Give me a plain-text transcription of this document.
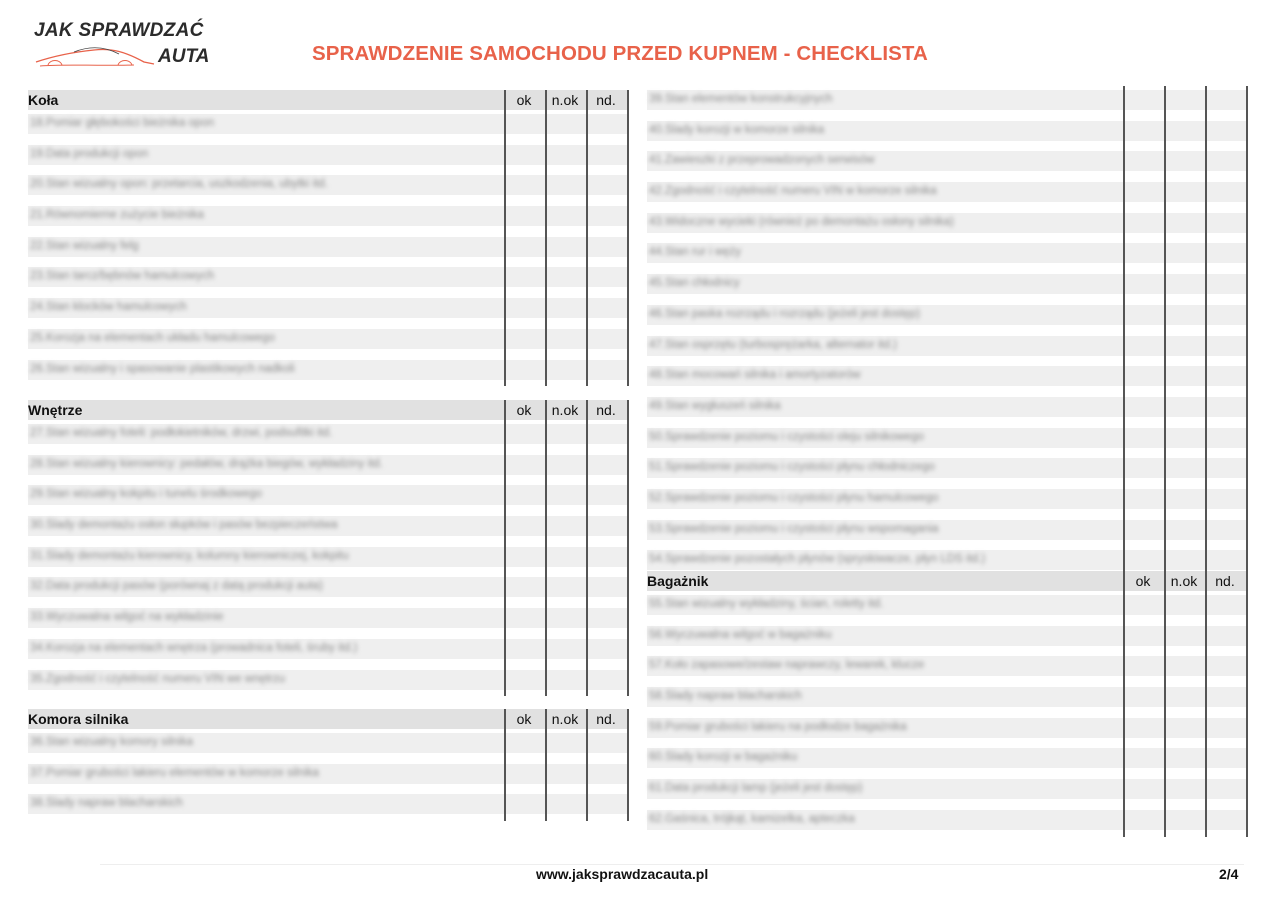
JAK SPRAWDZAĆ
AUTA	SPRAWDZENIE SAMOCHODU PRZED KUPNEM - CHECKLISTA
Koła	ok	n.ok	nd.
18.Pomiar głębokości bieżnika opon
19.Data produkcji opon
20.Stan wizualny opon: przetarcia, uszkodzenia, ubytki itd.
21.Równomierne zużycie bieżnika
22.Stan wizualny felg
23.Stan tarcz/bębnów hamulcowych
24.Stan klocków hamulcowych
25.Korozja na elementach układu hamulcowego
26.Stan wizualny i spasowanie plastikowych nadkoli
Wnętrze	ok	n.ok	nd.
27.Stan wizualny foteli: podłokietników, drzwi, podsufitki itd.
28.Stan wizualny kierownicy: pedałów, drążka biegów, wykładziny itd.
29.Stan wizualny kokpitu i tunelu środkowego
30.Ślady demontażu osłon słupków i pasów bezpieczeństwa
31.Ślady demontażu kierownicy, kolumny kierowniczej, kokpitu
32.Data produkcji pasów (porównaj z datą produkcji auta)
33.Wyczuwalna wilgoć na wykładzinie
34.Korozja na elementach wnętrza (prowadnica foteli, śruby itd.)
35.Zgodność i czytelność numeru VIN we wnętrzu
Komora silnika	ok	n.ok	nd.
36.Stan wizualny komory silnika
37.Pomiar grubości lakieru elementów w komorze silnika
38.Ślady napraw blacharskich
39.Stan elementów konstrukcyjnych
40.Ślady korozji w komorze silnika
41.Zawieszki z przeprowadzonych serwisów
42.Zgodność i czytelność numeru VIN w komorze silnika
43.Widoczne wycieki (również po demontażu osłony silnika)
44.Stan rur i węży
45.Stan chłodnicy
46.Stan paska rozrządu i rozrządu (jeżeli jest dostęp)
47.Stan osprzętu (turbosprężarka, alternator itd.)
48.Stan mocowań silnika i amortyzatorów
49.Stan wygłuszeń silnika
50.Sprawdzenie poziomu i czystości oleju silnikowego
51.Sprawdzenie poziomu i czystości płynu chłodniczego
52.Sprawdzenie poziomu i czystości płynu hamulcowego
53.Sprawdzenie poziomu i czystości płynu wspomagania
54.Sprawdzenie pozostałych płynów (spryskiwacze, płyn LDS itd.)
Bagażnik	ok	n.ok	nd.
55.Stan wizualny wykładziny, ścian, roletty itd.
56.Wyczuwalna wilgoć w bagażniku
57.Koło zapasowe/zestaw naprawczy, lewarek, klucze
58.Ślady napraw blacharskich
59.Pomiar grubości lakieru na podłodze bagażnika
60.Ślady korozji w bagażniku
61.Data produkcji lamp (jeżeli jest dostęp)
62.Gaśnica, trójkąt, kamizelka, apteczka
www.jaksprawdzacauta.pl	2/4
